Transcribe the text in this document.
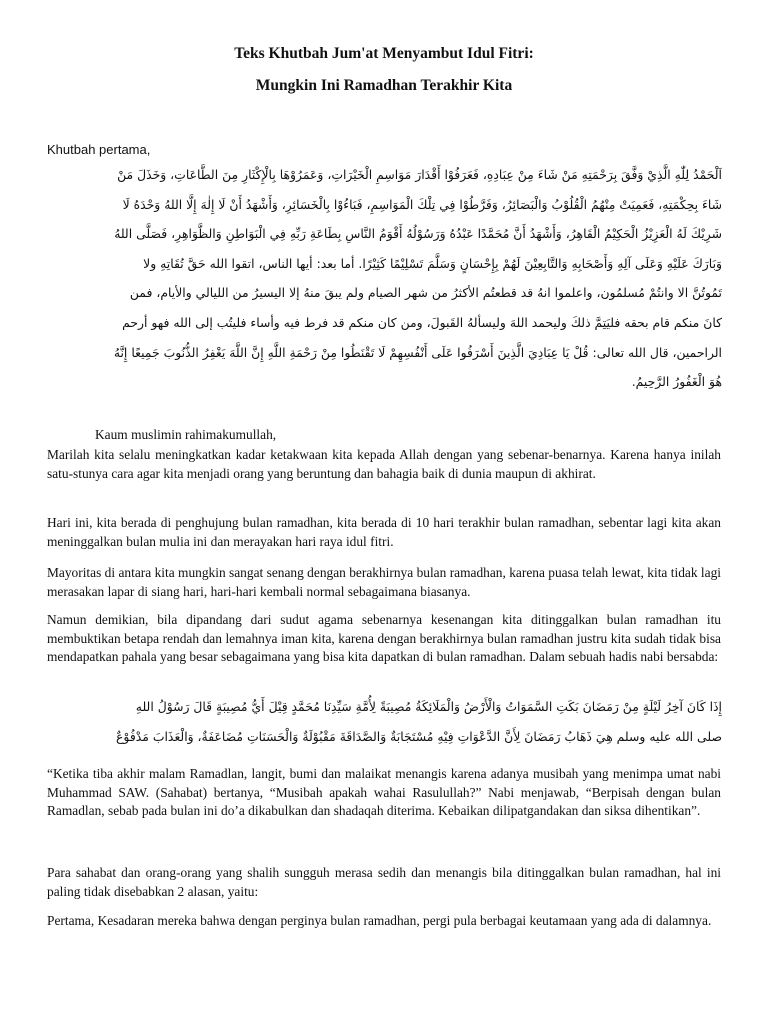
Teks Khutbah Jum'at Menyambut Idul Fitri:
Mungkin Ini Ramadhan Terakhir Kita
Khutbah pertama,
اَلْحَمْدُ لِلّٰهِ الَّذِيْ وَفَّقَ بِرَحْمَتِهِ مَنْ شَاءَ مِنْ عِبَادِهِ، فَعَرَفُوْا أَقْدَارَ مَوَاسِمِ الْخَيْرَاتِ، وَعَمَرُوْهَا بِالْإِكْثَارِ مِنَ الطَّاعَاتِ، وَخَذَلَ مَنْ
شَاءَ بِحِكْمَتِهِ، فَعَمِيَتْ مِنْهُمُ الْقُلُوْبُ وَالْبَصَائِرُ، وَفَرَّطُوْا فِي تِلْكَ الْمَوَاسِمِ، فَبَاءُوْا بِالْخَسَائِرِ، وَأَشْهَدُ أَنْ لَا إِلٰهَ إِلَّا اللهُ وَحْدَهُ لَا
شَرِيْكَ لَهُ الْعَزِيْزُ الْحَكِيْمُ الْقَاهِرُ، وَأَشْهَدُ أَنَّ مُحَمَّدًا عَبْدُهُ وَرَسُوْلُهُ أَقْوَمُ النَّاسِ بِطَاعَةِ رَبِّهِ فِي الْبَوَاطِنِ وَالظَّوَاهِرِ، فَصَلَّى اللهُ
وَبَارَكَ عَلَيْهِ وَعَلَى آلِهِ وَأَصْحَابِهِ وَالتَّابِعِيْنَ لَهُمْ بِإِحْسَانٍ وَسَلَّمَ تَسْلِيْمًا كَثِيْرًا. أما بعد: أيها الناس، اتقوا الله حَقَّ تُقَاتِهِ ولا
تَمُوتُنَّ الا وانتُمْ مُسلمُون، واعلموا انهُ قد قطعتُم الأكثرُ من شهر الصيام ولم يبقَ منهُ إلا اليسيرُ من الليالي والأيام، فمن
كانَ منكم قام بحقه فليَتِمَّ ذلكَ وليحمد اللهَ وليسألهُ القَبولَ، ومن كان منكم قد فرط فيه وأساء فليتُب إلى الله فهو أرحم
الراحمين، قال الله تعالى: قُلْ يَا عِبَادِيَ الَّذِينَ أَسْرَفُوا عَلَى أَنْفُسِهِمْ لَا تَقْنَطُوا مِنْ رَحْمَةِ اللَّهِ إِنَّ اللَّهَ يَغْفِرُ الذُّنُوبَ جَمِيعًا إِنَّهُ
هُوَ الْغَفُورُ الرَّحِيمُ.
Kaum muslimin rahimakumullah,

Marilah kita selalu meningkatkan kadar ketakwaan kita kepada Allah dengan yang sebenar-benarnya. Karena hanya inilah satu-stunya cara agar kita menjadi orang yang beruntung dan bahagia baik di dunia maupun di akhirat.

Hari ini, kita berada di penghujung bulan ramadhan, kita berada di 10 hari terakhir bulan ramadhan, sebentar lagi kita akan meninggalkan bulan mulia ini dan merayakan hari raya idul fitri.

Mayoritas di antara kita mungkin sangat senang dengan berakhirnya bulan ramadhan, karena puasa telah lewat, kita tidak lagi merasakan lapar di siang hari, hari-hari kembali normal sebagaimana biasanya.

Namun demikian, bila dipandang dari sudut agama sebenarnya kesenangan kita ditinggalkan bulan ramadhan itu membuktikan betapa rendah dan lemahnya iman kita, karena dengan berakhirnya bulan ramadhan justru kita sudah tidak bisa mendapatkan pahala yang besar sebagaimana yang bisa kita dapatkan di bulan ramadhan. Dalam sebuah hadis nabi bersabda:

إِذَا كَانَ آخِرُ لَيْلَةٍ مِنْ رَمَضَانَ بَكَتِ السَّمَوَاتُ وَالْأَرْضُ وَالْمَلَائِكَةُ مُصِيبَةً لِأُمَّةِ سَيِّدِنَا مُحَمَّدٍ قِيْلَ أَيُّ مُصِيبَةٍ قَالَ رَسُوْلُ اللهِ
صلى الله عليه وسلم هِيَ ذَهَابُ رَمَضَانَ لِأَنَّ الدَّعْوَاتِ فِيْهِ مُسْتَجَابَةٌ وَالصَّدَاقَةَ مَقْبُوْلَةٌ وَالْحَسَنَاتِ مُضَاعَفَةٌ، وَالْعَذَابَ مَدْفُوْعٌ

“Ketika tiba akhir malam Ramadlan, langit, bumi dan malaikat menangis karena adanya musibah yang menimpa umat nabi Muhammad SAW. (Sahabat) bertanya, “Musibah apakah wahai Rasulullah?” Nabi menjawab, “Berpisah dengan bulan Ramadlan, sebab pada bulan ini do’a dikabulkan dan shadaqah diterima. Kebaikan dilipatgandakan dan siksa dihentikan”.

Para sahabat dan orang-orang yang shalih sungguh merasa sedih dan menangis bila ditinggalkan bulan ramadhan, hal ini paling tidak disebabkan 2 alasan, yaitu:

Pertama, Kesadaran mereka bahwa dengan perginya bulan ramadhan, pergi pula berbagai keutamaan yang ada di dalamnya.
